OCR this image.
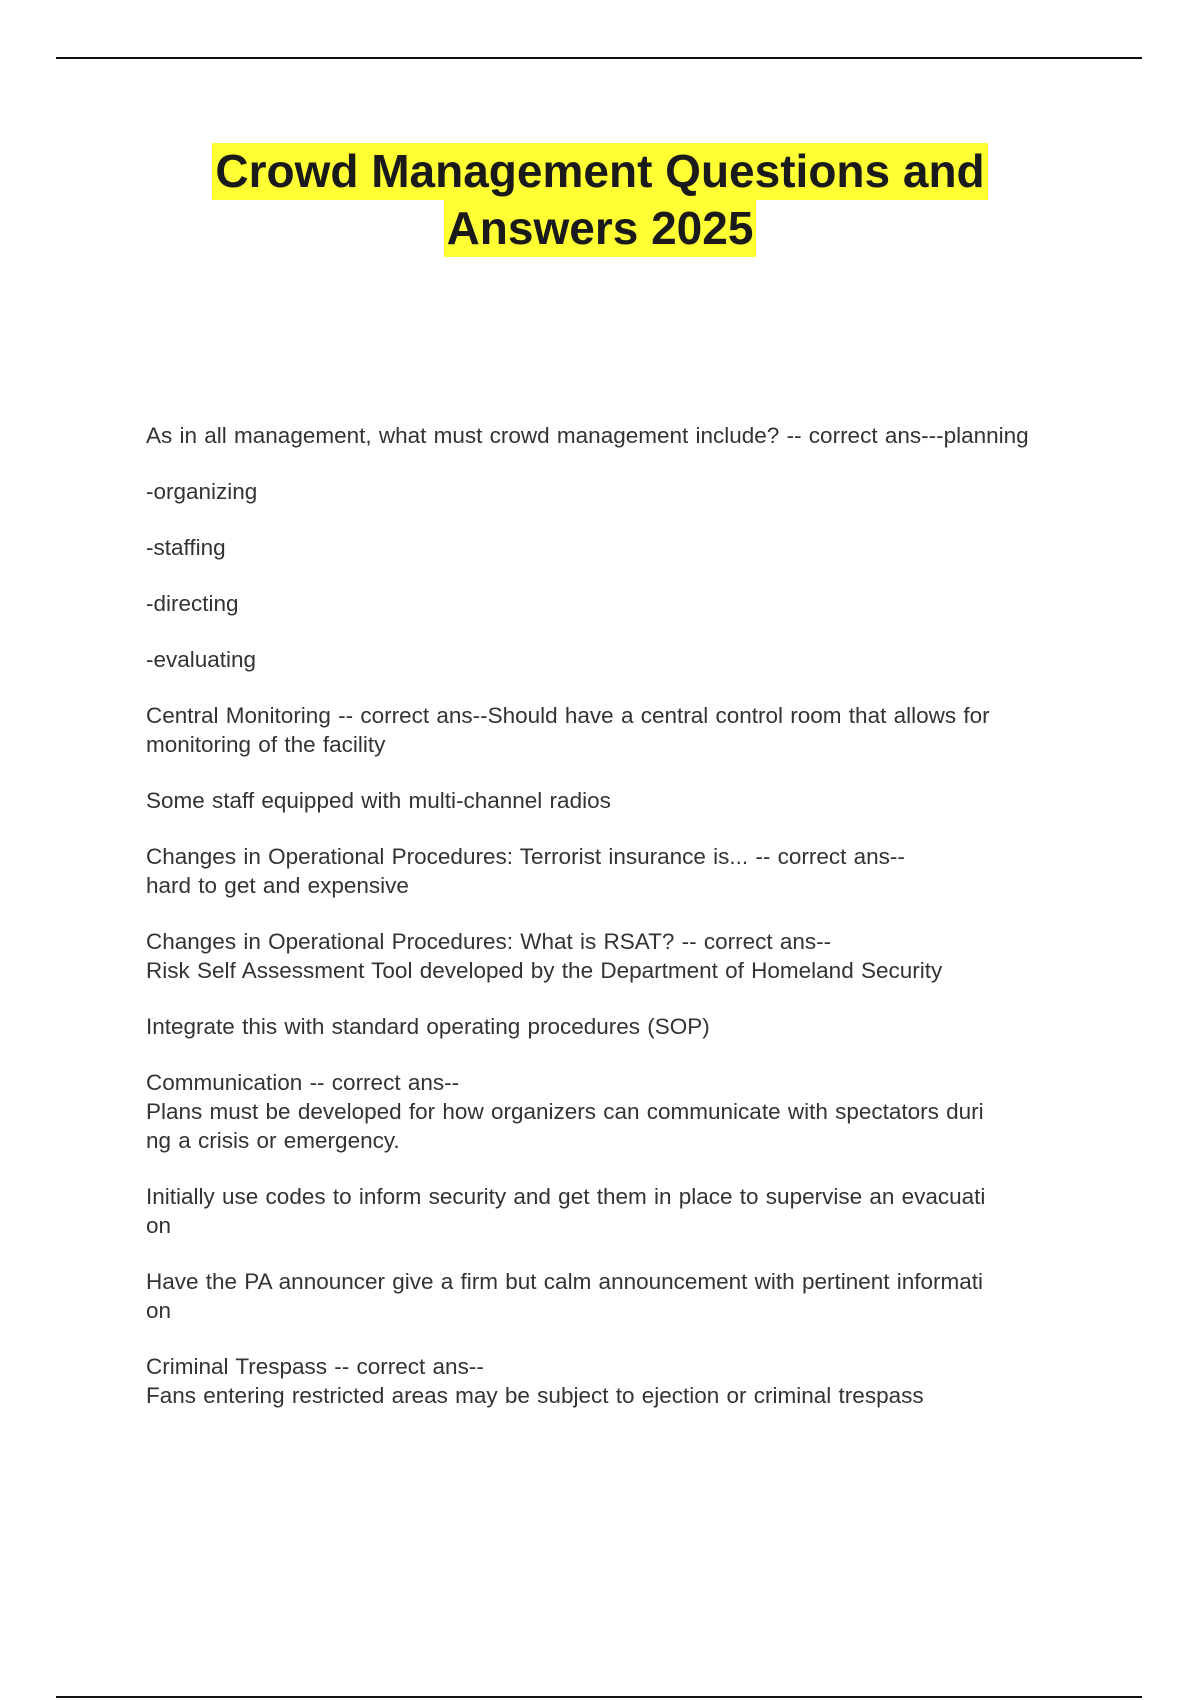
Crowd Management Questions and
Answers 2025

As in all management, what must crowd management include? -- correct ans---planning

-organizing

-staffing

-directing

-evaluating

Central Monitoring -- correct ans--Should have a central control room that allows for
monitoring of the facility

Some staff equipped with multi-channel radios

Changes in Operational Procedures: Terrorist insurance is... -- correct ans--
hard to get and expensive

Changes in Operational Procedures: What is RSAT? -- correct ans--
Risk Self Assessment Tool developed by the Department of Homeland Security

Integrate this with standard operating procedures (SOP)

Communication -- correct ans--
Plans must be developed for how organizers can communicate with spectators duri
ng a crisis or emergency.

Initially use codes to inform security and get them in place to supervise an evacuati
on

Have the PA announcer give a firm but calm announcement with pertinent informati
on

Criminal Trespass -- correct ans--
Fans entering restricted areas may be subject to ejection or criminal trespass
